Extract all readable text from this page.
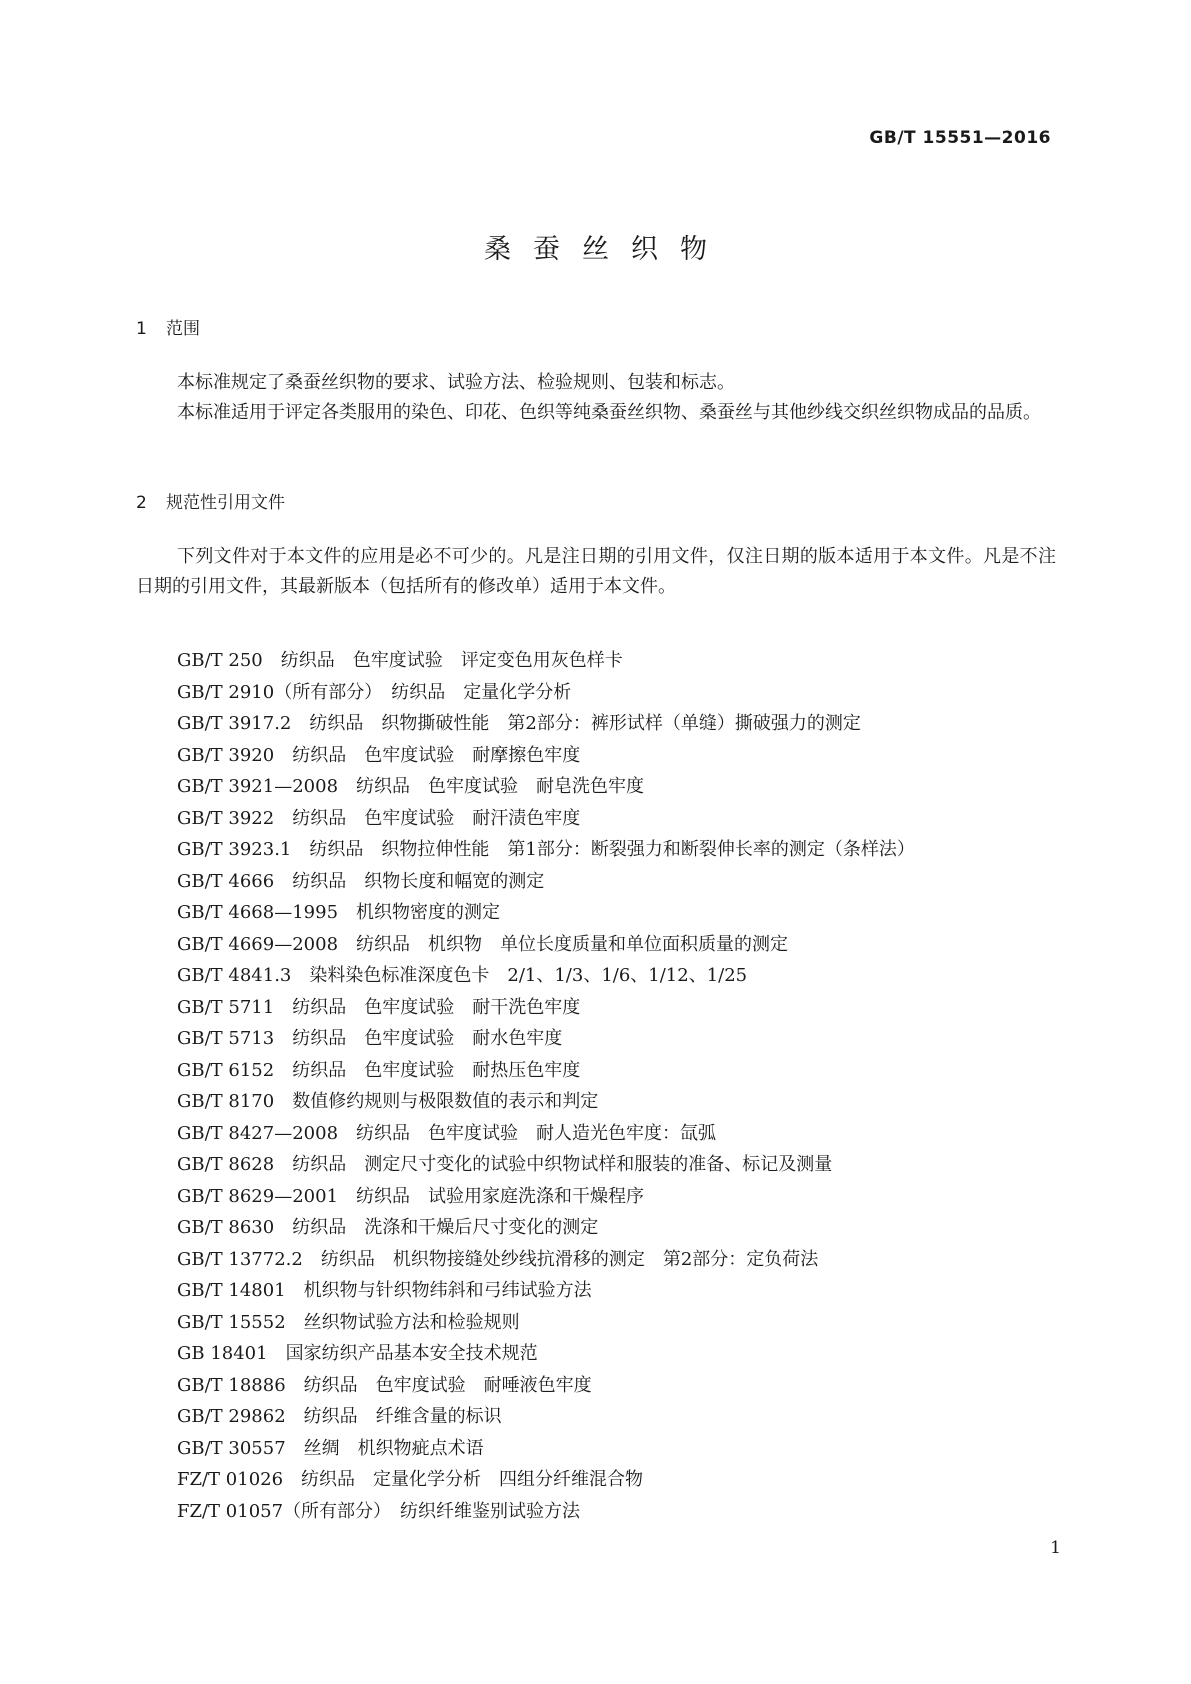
GB/T 15551—2016
桑蚕丝织物
1 范围

本标准规定了桑蚕丝织物的要求、试验方法、检验规则、包装和标志。

本标准适用于评定各类服用的染色、印花、色织等纯桑蚕丝织物、桑蚕丝与其他纱线交织丝织物成品的品质。

2 规范性引用文件

下列文件对于本文件的应用是必不可少的。凡是注日期的引用文件，仅注日期的版本适用于本文件。凡是不注日期的引用文件，其最新版本（包括所有的修改单）适用于本文件。

GB/T 250　纺织品　色牢度试验　评定变色用灰色样卡
GB/T 2910（所有部分）　纺织品　定量化学分析
GB/T 3917.2　纺织品　织物撕破性能　第2部分：裤形试样（单缝）撕破强力的测定
GB/T 3920　纺织品　色牢度试验　耐摩擦色牢度
GB/T 3921—2008　纺织品　色牢度试验　耐皂洗色牢度
GB/T 3922　纺织品　色牢度试验　耐汗渍色牢度
GB/T 3923.1　纺织品　织物拉伸性能　第1部分：断裂强力和断裂伸长率的测定（条样法）
GB/T 4666　纺织品　织物长度和幅宽的测定
GB/T 4668—1995　机织物密度的测定
GB/T 4669—2008　纺织品　机织物　单位长度质量和单位面积质量的测定
GB/T 4841.3　染料染色标准深度色卡　2/1、1/3、1/6、1/12、1/25
GB/T 5711　纺织品　色牢度试验　耐干洗色牢度
GB/T 5713　纺织品　色牢度试验　耐水色牢度
GB/T 6152　纺织品　色牢度试验　耐热压色牢度
GB/T 8170　数值修约规则与极限数值的表示和判定
GB/T 8427—2008　纺织品　色牢度试验　耐人造光色牢度：氙弧
GB/T 8628　纺织品　测定尺寸变化的试验中织物试样和服装的准备、标记及测量
GB/T 8629—2001　纺织品　试验用家庭洗涤和干燥程序
GB/T 8630　纺织品　洗涤和干燥后尺寸变化的测定
GB/T 13772.2　纺织品　机织物接缝处纱线抗滑移的测定　第2部分：定负荷法
GB/T 14801　机织物与针织物纬斜和弓纬试验方法
GB/T 15552　丝织物试验方法和检验规则
GB 18401　国家纺织产品基本安全技术规范
GB/T 18886　纺织品　色牢度试验　耐唾液色牢度
GB/T 29862　纺织品　纤维含量的标识
GB/T 30557　丝绸　机织物疵点术语
FZ/T 01026　纺织品　定量化学分析　四组分纤维混合物
FZ/T 01057（所有部分）　纺织纤维鉴别试验方法
1
